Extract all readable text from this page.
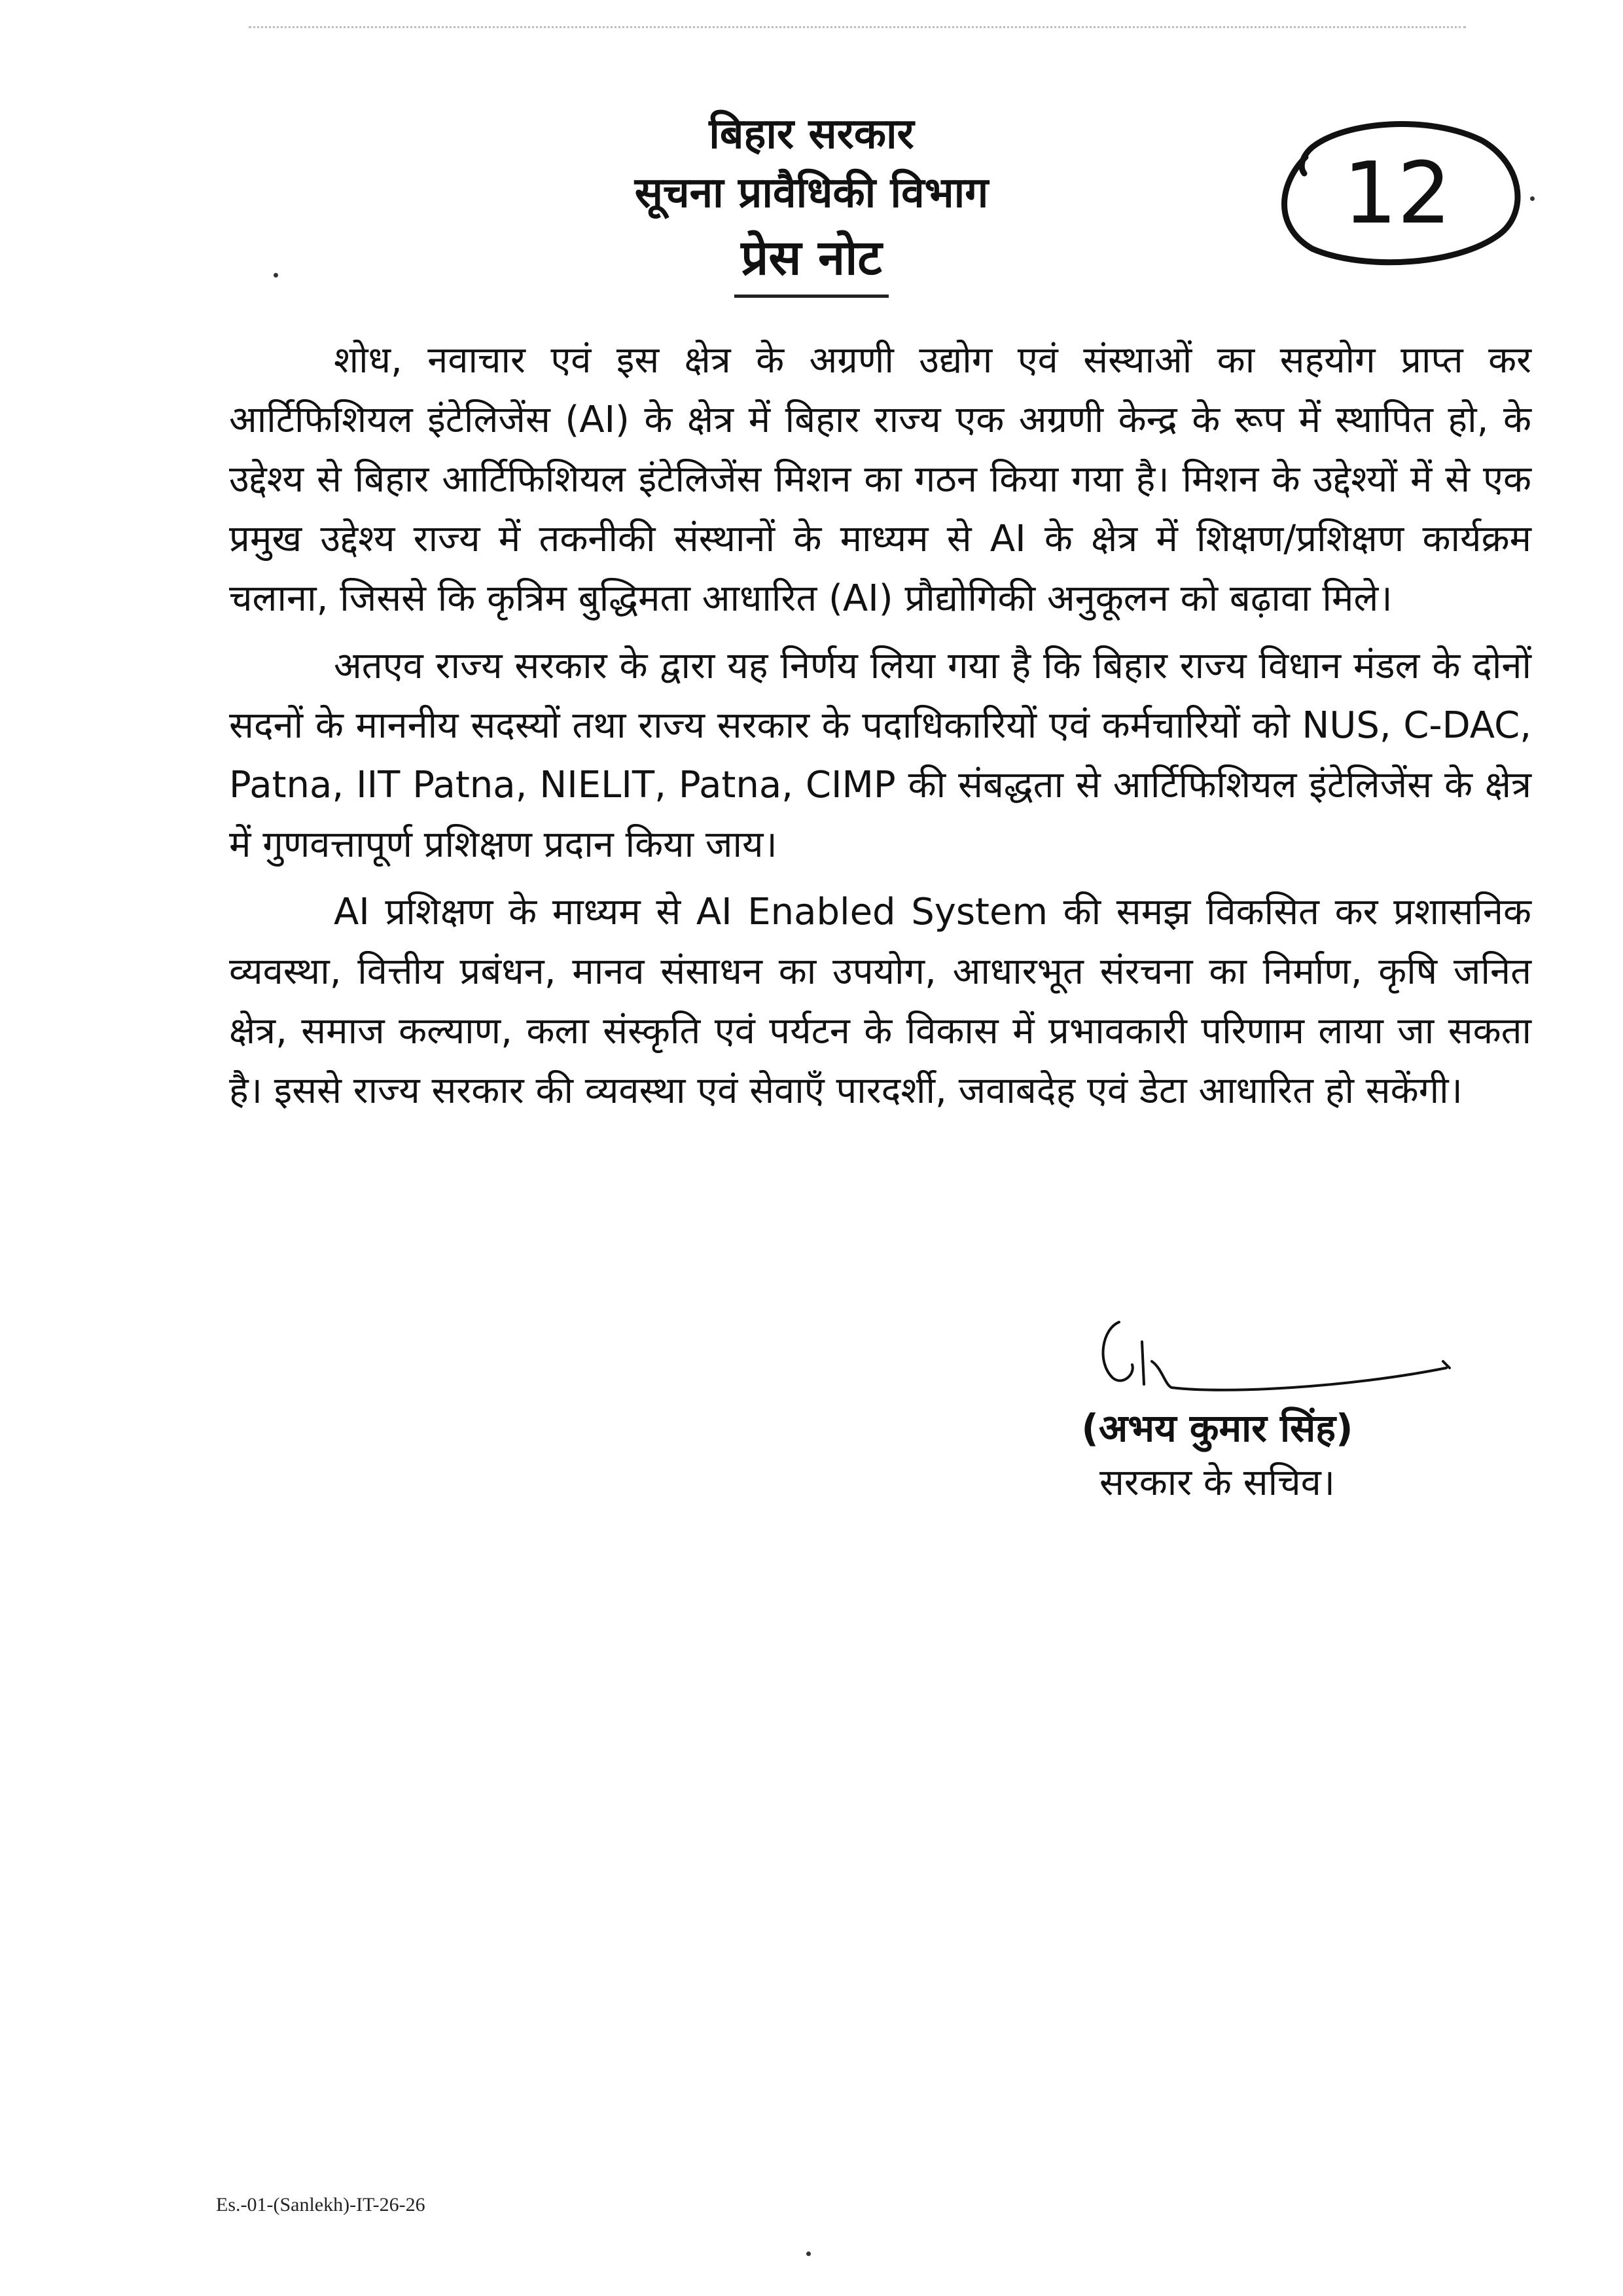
बिहार सरकार
सूचना प्रावैधिकी विभाग
प्रेस नोट
12

शोध, नवाचार एवं इस क्षेत्र के अग्रणी उद्योग एवं संस्थाओं का सहयोग प्राप्त कर आर्टिफिशियल इंटेलिजेंस (AI) के क्षेत्र में बिहार राज्य एक अग्रणी केन्द्र के रूप में स्थापित हो, के उद्देश्य से बिहार आर्टिफिशियल इंटेलिजेंस मिशन का गठन किया गया है। मिशन के उद्देश्यों में से एक प्रमुख उद्देश्य राज्य में तकनीकी संस्थानों के माध्यम से AI के क्षेत्र में शिक्षण/प्रशिक्षण कार्यक्रम चलाना, जिससे कि कृत्रिम बुद्धिमता आधारित (AI) प्रौद्योगिकी अनुकूलन को बढ़ावा मिले।

अतएव राज्य सरकार के द्वारा यह निर्णय लिया गया है कि बिहार राज्य विधान मंडल के दोनों सदनों के माननीय सदस्यों तथा राज्य सरकार के पदाधिकारियों एवं कर्मचारियों को NUS, C-DAC, Patna, IIT Patna, NIELIT, Patna, CIMP की संबद्धता से आर्टिफिशियल इंटेलिजेंस के क्षेत्र में गुणवत्तापूर्ण प्रशिक्षण प्रदान किया जाय।

AI प्रशिक्षण के माध्यम से AI Enabled System की समझ विकसित कर प्रशासनिक व्यवस्था, वित्तीय प्रबंधन, मानव संसाधन का उपयोग, आधारभूत संरचना का निर्माण, कृषि जनित क्षेत्र, समाज कल्याण, कला संस्कृति एवं पर्यटन के विकास में प्रभावकारी परिणाम लाया जा सकता है। इससे राज्य सरकार की व्यवस्था एवं सेवाएँ पारदर्शी, जवाबदेह एवं डेटा आधारित हो सकेंगी।

(अभय कुमार सिंह)
सरकार के सचिव।
Es.-01-(Sanlekh)-IT-26-26
